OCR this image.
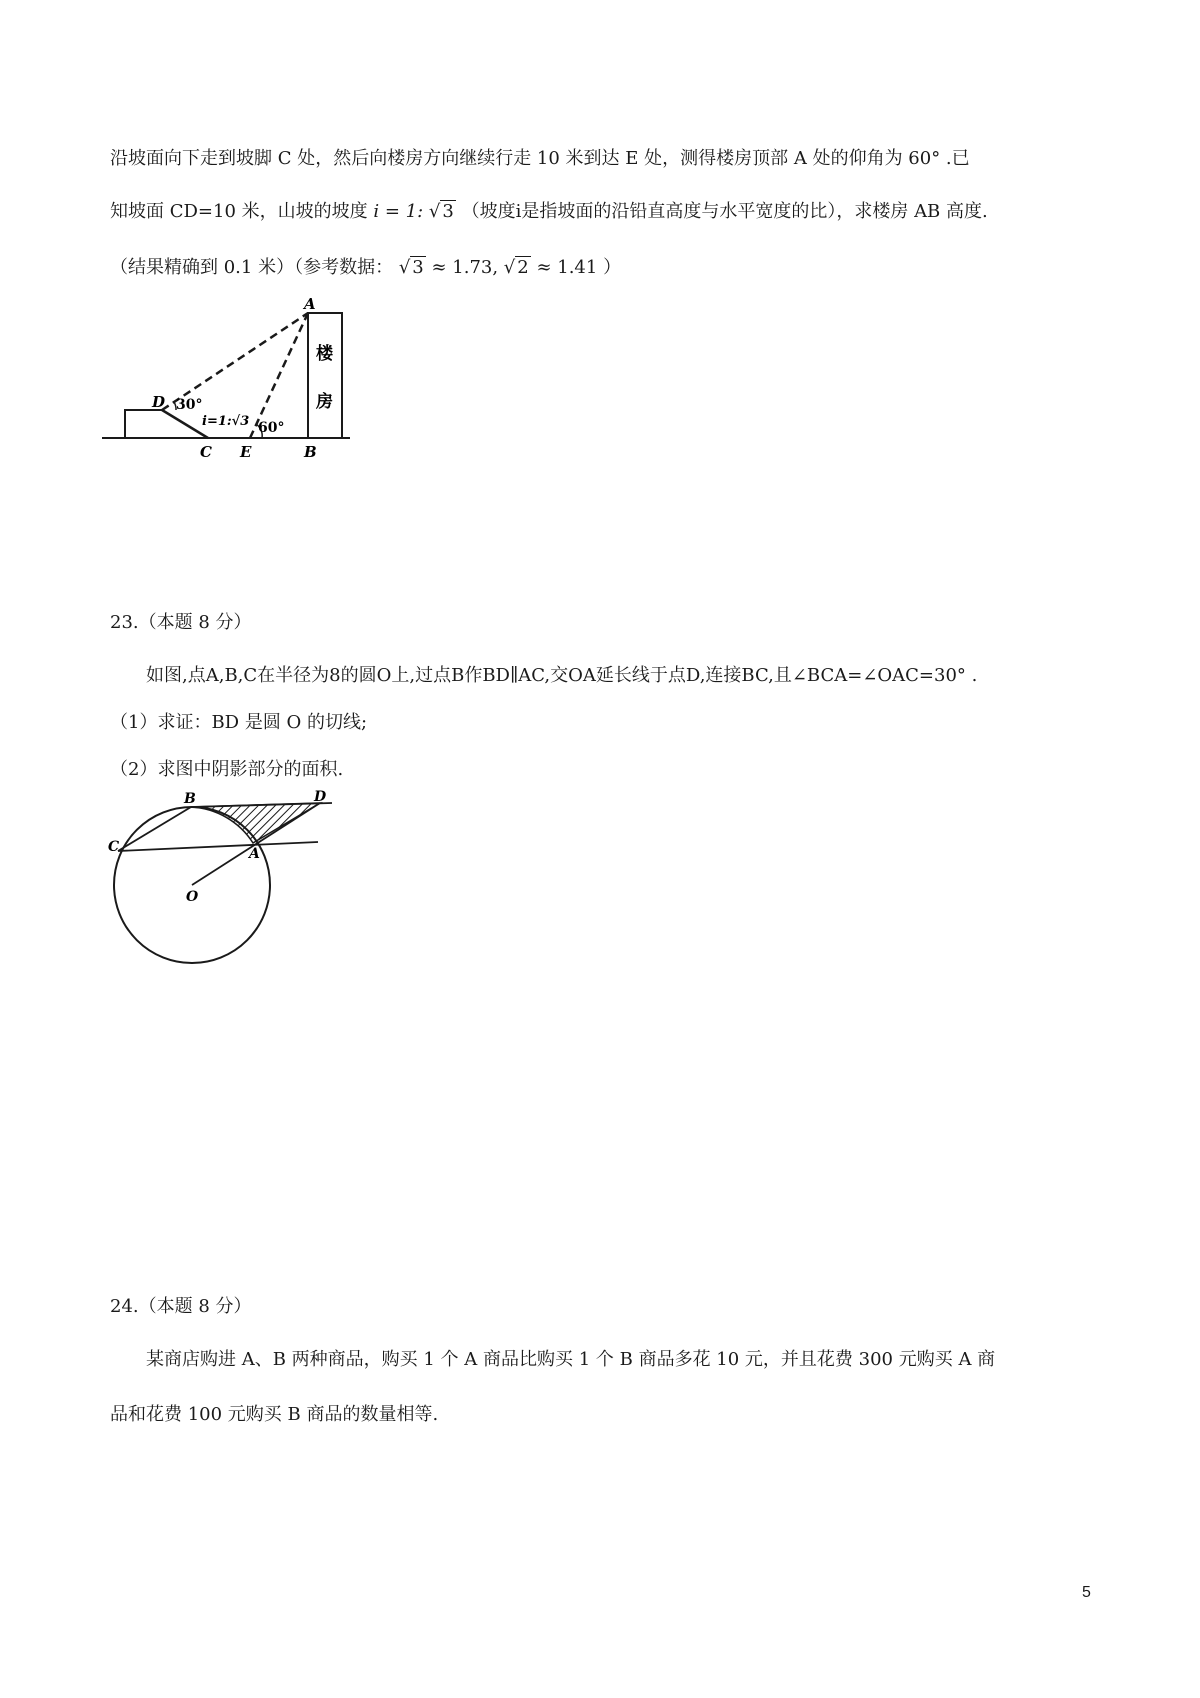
沿坡面向下走到坡脚 C 处，然后向楼房方向继续行走 10 米到达 E 处，测得楼房顶部 A 处的仰角为 60° .已
知坡面 CD=10 米，山坡的坡度 i = 1: √ 3 （坡度i是指坡面的沿铅直高度与水平宽度的比），求楼房 AB 高度.
（结果精确到 0.1 米）（参考数据： √ 3 ≈ 1.73, √ 2 ≈ 1.41 ）
A
D
C E	B
30°
i=1:√3 60°
楼
房
23.（本题 8 分）
如图,点A,B,C在半径为8的圆O上,过点B作BD∥AC,交OA延长线于点D,连接BC,且∠BCA=∠OAC=30° .
（1）求证：BD 是圆 O 的切线;
（2）求图中阴影部分的面积.
B	D
C	A
O
24.（本题 8 分）
某商店购进 A、B 两种商品，购买 1 个 A 商品比购买 1 个 B 商品多花 10 元，并且花费 300 元购买 A 商
品和花费 100 元购买 B 商品的数量相等.
5
